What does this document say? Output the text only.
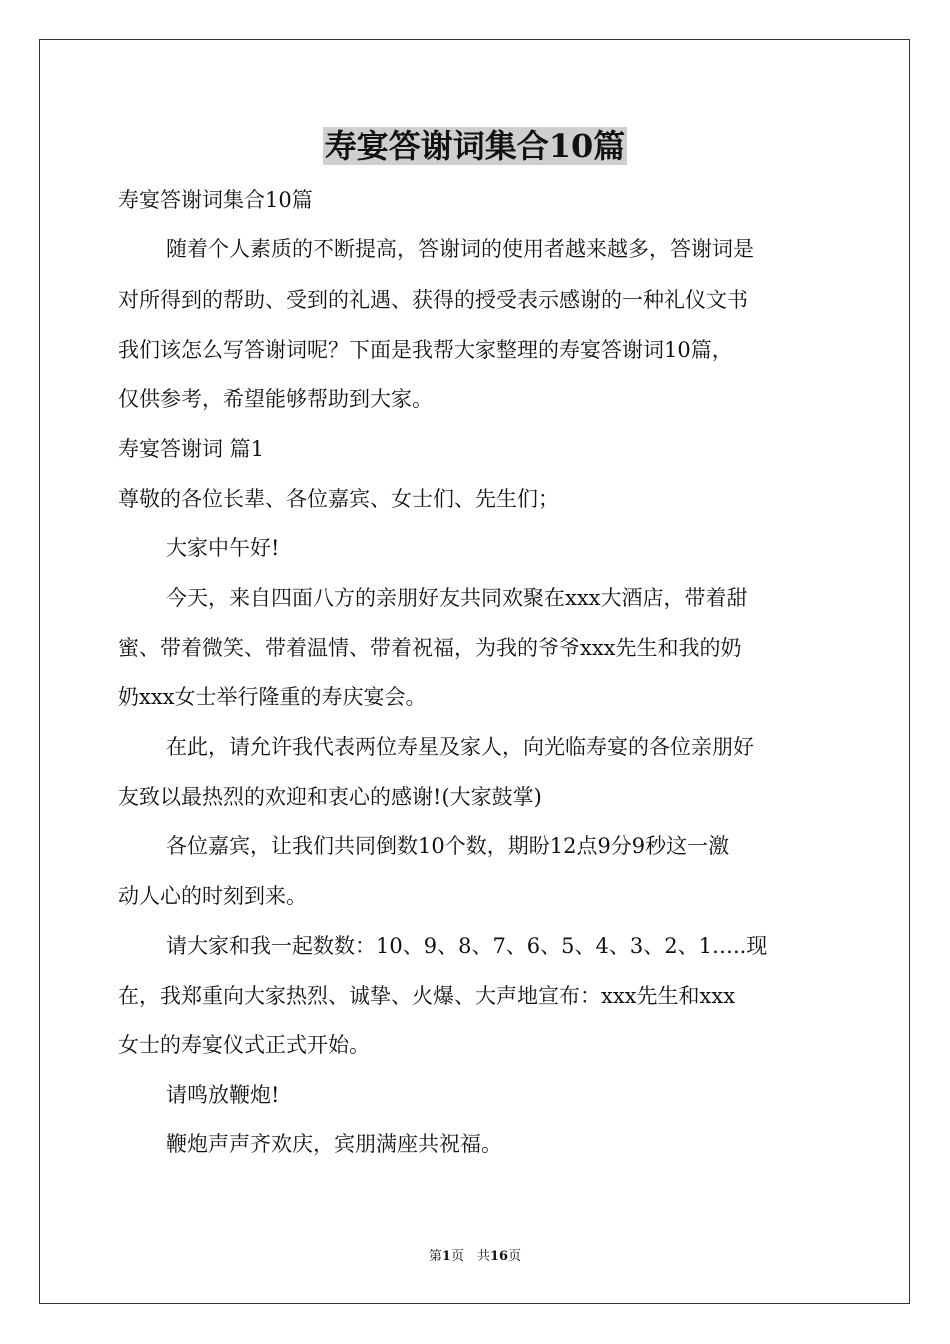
寿宴答谢词集合10篇
寿宴答谢词集合10篇
随着个人素质的不断提高，答谢词的使用者越来越多，答谢词是
对所得到的帮助、受到的礼遇、获得的授受表示感谢的一种礼仪文书
我们该怎么写答谢词呢？下面是我帮大家整理的寿宴答谢词10篇，
仅供参考，希望能够帮助到大家。
寿宴答谢词 篇1
尊敬的各位长辈、各位嘉宾、女士们、先生们；
大家中午好!
今天，来自四面八方的亲朋好友共同欢聚在xxx大酒店，带着甜
蜜、带着微笑、带着温情、带着祝福，为我的爷爷xxx先生和我的奶
奶xxx女士举行隆重的寿庆宴会。
在此，请允许我代表两位寿星及家人，向光临寿宴的各位亲朋好
友致以最热烈的欢迎和衷心的感谢!(大家鼓掌)
各位嘉宾，让我们共同倒数10个数，期盼12点9分9秒这一激
动人心的时刻到来。
请大家和我一起数数：10、9、8、7、6、5、4、3、2、1…..现
在，我郑重向大家热烈、诚挚、火爆、大声地宣布：xxx先生和xxx
女士的寿宴仪式正式开始。
请鸣放鞭炮!
鞭炮声声齐欢庆，宾朋满座共祝福。
第1页　共16页
